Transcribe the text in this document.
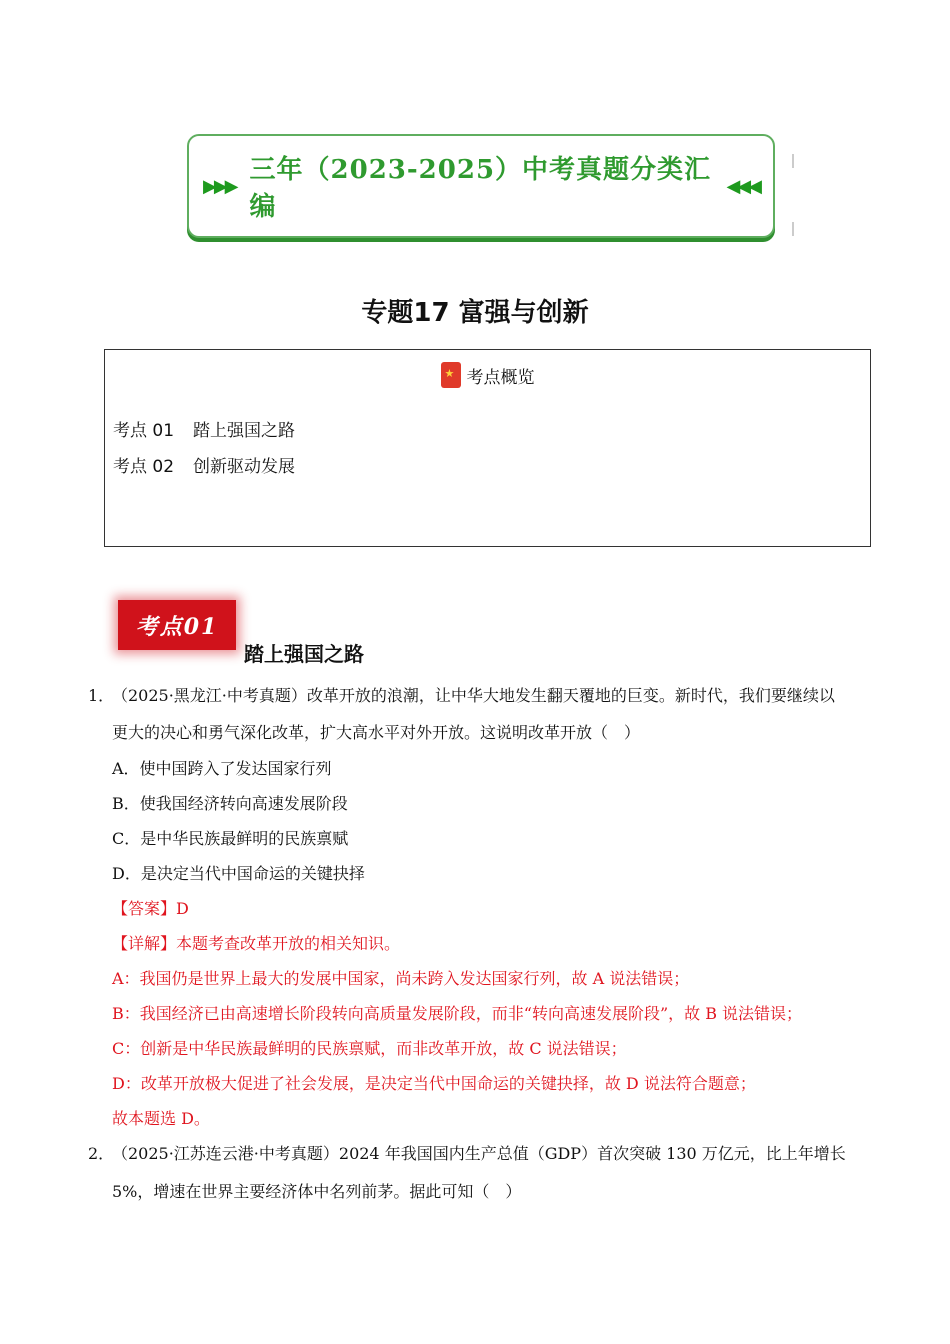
▶▶▶
三年（2023-2025）中考真题分类汇编
◀◀◀
专题17 富强与创新
★
考点概览
考点 01 踏上强国之路
考点 02 创新驱动发展
考点01
踏上强国之路
1．
（2025·黑龙江·中考真题）改革开放的浪潮，让中华大地发生翻天覆地的巨变。新时代，我们要继续以
更大的决心和勇气深化改革，扩大高水平对外开放。这说明改革开放（　）
A．使中国跨入了发达国家行列
B．使我国经济转向高速发展阶段
C．是中华民族最鲜明的民族禀赋
D．是决定当代中国命运的关键抉择
【答案】D
【详解】本题考查改革开放的相关知识。
A：我国仍是世界上最大的发展中国家，尚未跨入发达国家行列，故 A 说法错误；
B：我国经济已由高速增长阶段转向高质量发展阶段，而非“转向高速发展阶段”，故 B 说法错误；
C：创新是中华民族最鲜明的民族禀赋，而非改革开放，故 C 说法错误；
D：改革开放极大促进了社会发展，是决定当代中国命运的关键抉择，故 D 说法符合题意；
故本题选 D。
2．
（2025·江苏连云港·中考真题）2024 年我国国内生产总值（GDP）首次突破 130 万亿元，比上年增长
5%，增速在世界主要经济体中名列前茅。据此可知（　）
